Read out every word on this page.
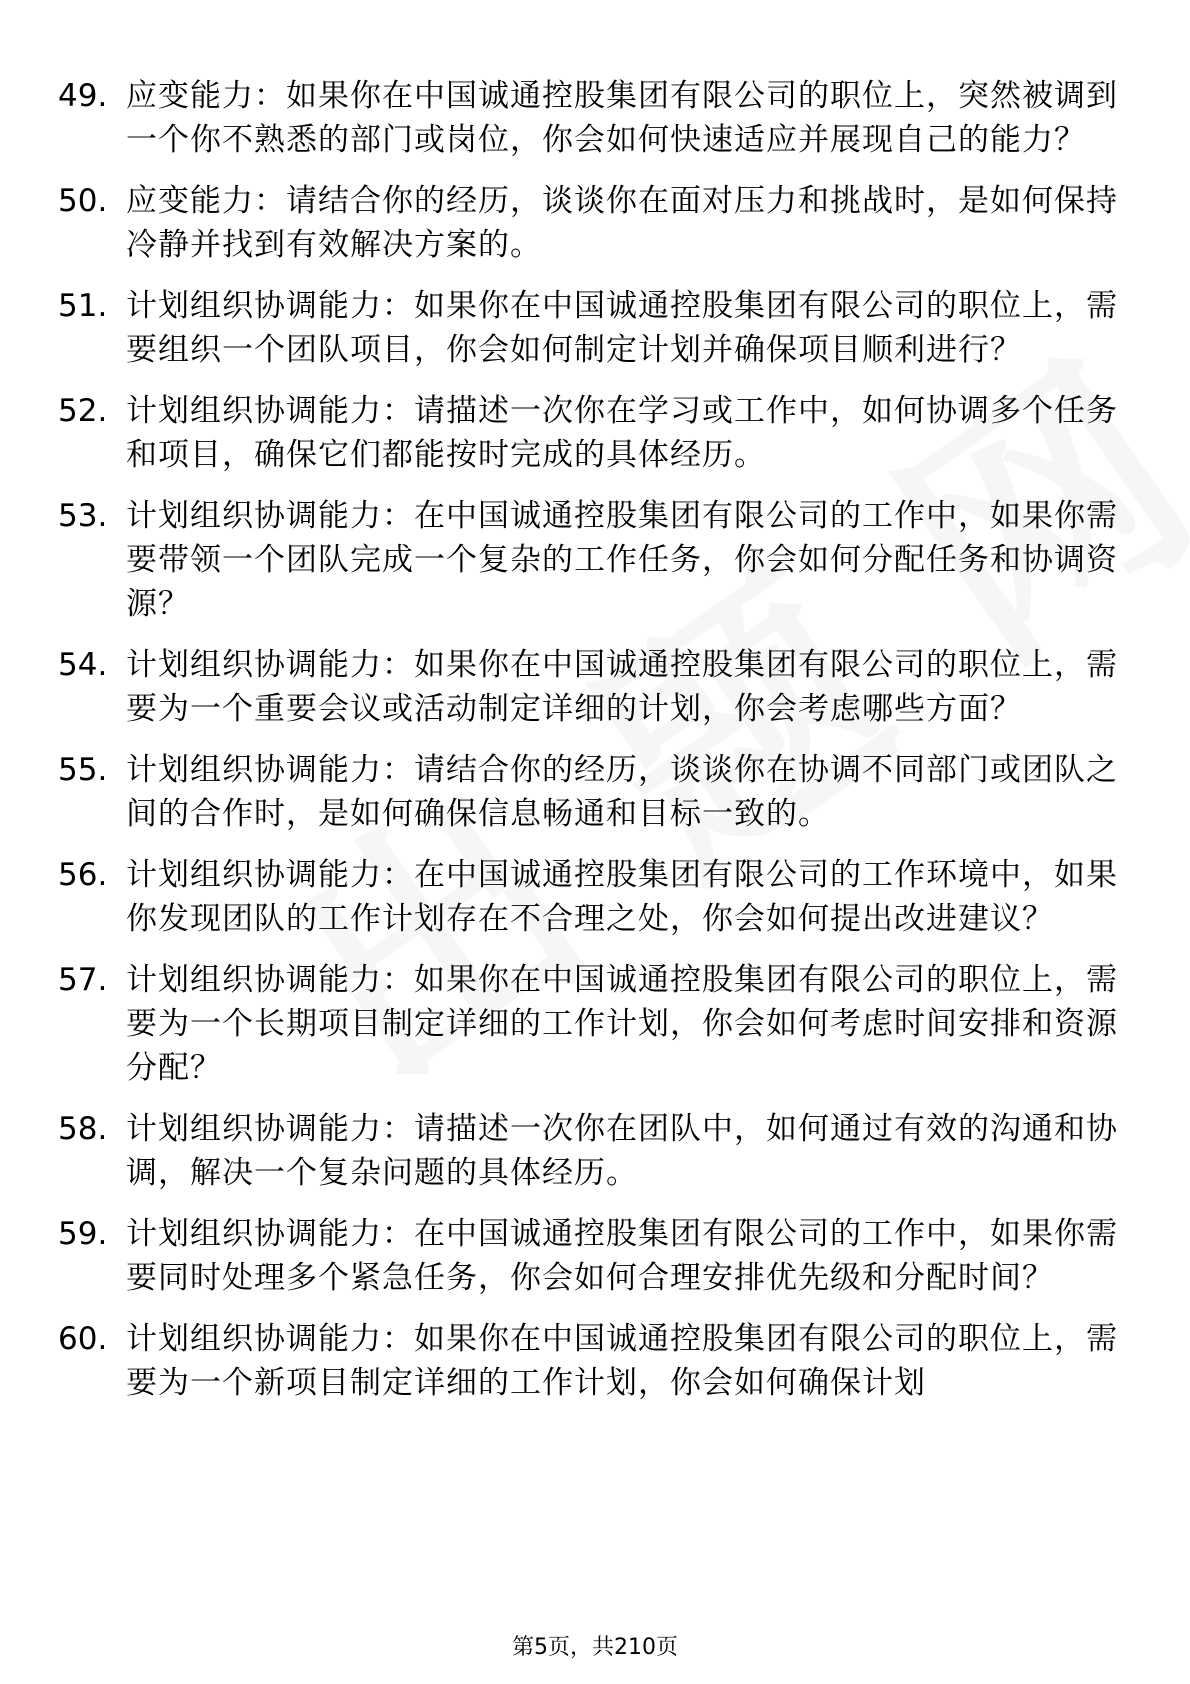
49. 应变能力：如果你在中国诚通控股集团有限公司的职位上，突然被调到一个你不熟悉的部门或岗位，你会如何快速适应并展现自己的能力？
50. 应变能力：请结合你的经历，谈谈你在面对压力和挑战时，是如何保持冷静并找到有效解决方案的。
51. 计划组织协调能力：如果你在中国诚通控股集团有限公司的职位上，需要组织一个团队项目，你会如何制定计划并确保项目顺利进行？
52. 计划组织协调能力：请描述一次你在学习或工作中，如何协调多个任务和项目，确保它们都能按时完成的具体经历。
53. 计划组织协调能力：在中国诚通控股集团有限公司的工作中，如果你需要带领一个团队完成一个复杂的工作任务，你会如何分配任务和协调资源？
54. 计划组织协调能力：如果你在中国诚通控股集团有限公司的职位上，需要为一个重要会议或活动制定详细的计划，你会考虑哪些方面？
55. 计划组织协调能力：请结合你的经历，谈谈你在协调不同部门或团队之间的合作时，是如何确保信息畅通和目标一致的。
56. 计划组织协调能力：在中国诚通控股集团有限公司的工作环境中，如果你发现团队的工作计划存在不合理之处，你会如何提出改进建议？
57. 计划组织协调能力：如果你在中国诚通控股集团有限公司的职位上，需要为一个长期项目制定详细的工作计划，你会如何考虑时间安排和资源分配？
58. 计划组织协调能力：请描述一次你在团队中，如何通过有效的沟通和协调，解决一个复杂问题的具体经历。
59. 计划组织协调能力：在中国诚通控股集团有限公司的工作中，如果你需要同时处理多个紧急任务，你会如何合理安排优先级和分配时间？
60. 计划组织协调能力：如果你在中国诚通控股集团有限公司的职位上，需要为一个新项目制定详细的工作计划，你会如何确保计划
第5页，共210页
